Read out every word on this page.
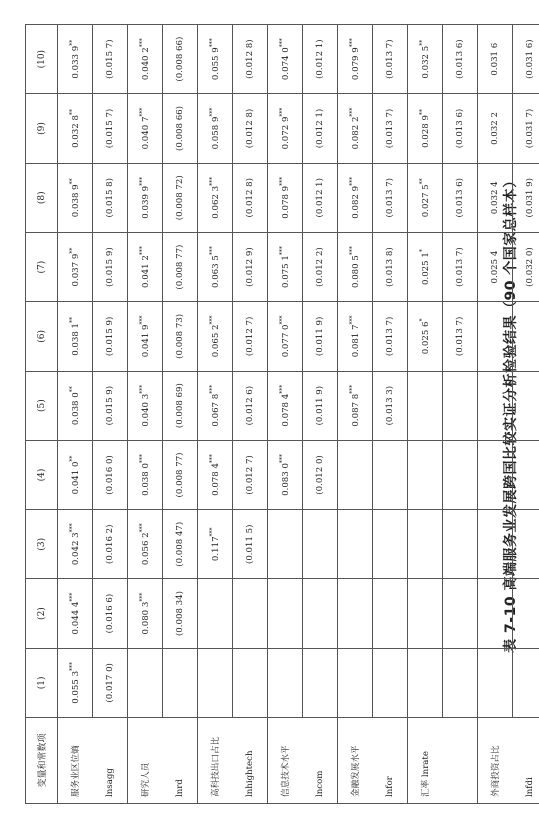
表 7-10 高端服务业发展跨国比较实证分析检验结果（90 个国家总样本）
变量和常数项	(1)	(2)	(3)	(4)	(5)	(6)	(7)	(8)	(9)	(10)
服务业区位熵	0.055 3***	0.044 4***	0.042 3***	0.041 0**	0.038 0**	0.038 1**	0.037 9**	0.038 9**	0.032 8**	0.033 9**
lnsagg	(0.017 0)	(0.016 6)	(0.016 2)	(0.016 0)	(0.015 9)	(0.015 9)	(0.015 9)	(0.015 8)	(0.015 7)	(0.015 7)
研究人员		0.080 3***	0.056 2***	0.038 0***	0.040 3***	0.041 9***	0.041 2***	0.039 9***	0.040 7***	0.040 2***
lnrd		(0.008 34)	(0.008 47)	(0.008 77)	(0.008 69)	(0.008 73)	(0.008 77)	(0.008 72)	(0.008 66)	(0.008 66)
高科技出口占比			0.117***	0.078 4***	0.067 8***	0.065 2***	0.063 5***	0.062 3***	0.058 9***	0.055 9***
lnhightech			(0.011 5)	(0.012 7)	(0.012 6)	(0.012 7)	(0.012 9)	(0.012 8)	(0.012 8)	(0.012 8)
信息技术水平				0.083 0***	0.078 4***	0.077 0***	0.075 1***	0.078 9***	0.072 9***	0.074 0***
lncom				(0.012 0)	(0.011 9)	(0.011 9)	(0.012 2)	(0.012 1)	(0.012 1)	(0.012 1)
金融发展水平					0.087 8***	0.081 7***	0.080 5***	0.082 9***	0.082 2***	0.079 9***
lnfor					(0.013 3)	(0.013 7)	(0.013 8)	(0.013 7)	(0.013 7)	(0.013 7)
汇率 lnrate						0.025 6*	0.025 1*	0.027 5**	0.028 9**	0.032 5**
						(0.013 7)	(0.013 7)	(0.013 6)	(0.013 6)	(0.013 6)
外商投资占比							0.025 4	0.032 4	0.032 2	0.031 6
lnfdi							(0.032 0)	(0.031 9)	(0.031 7)	(0.031 6)
